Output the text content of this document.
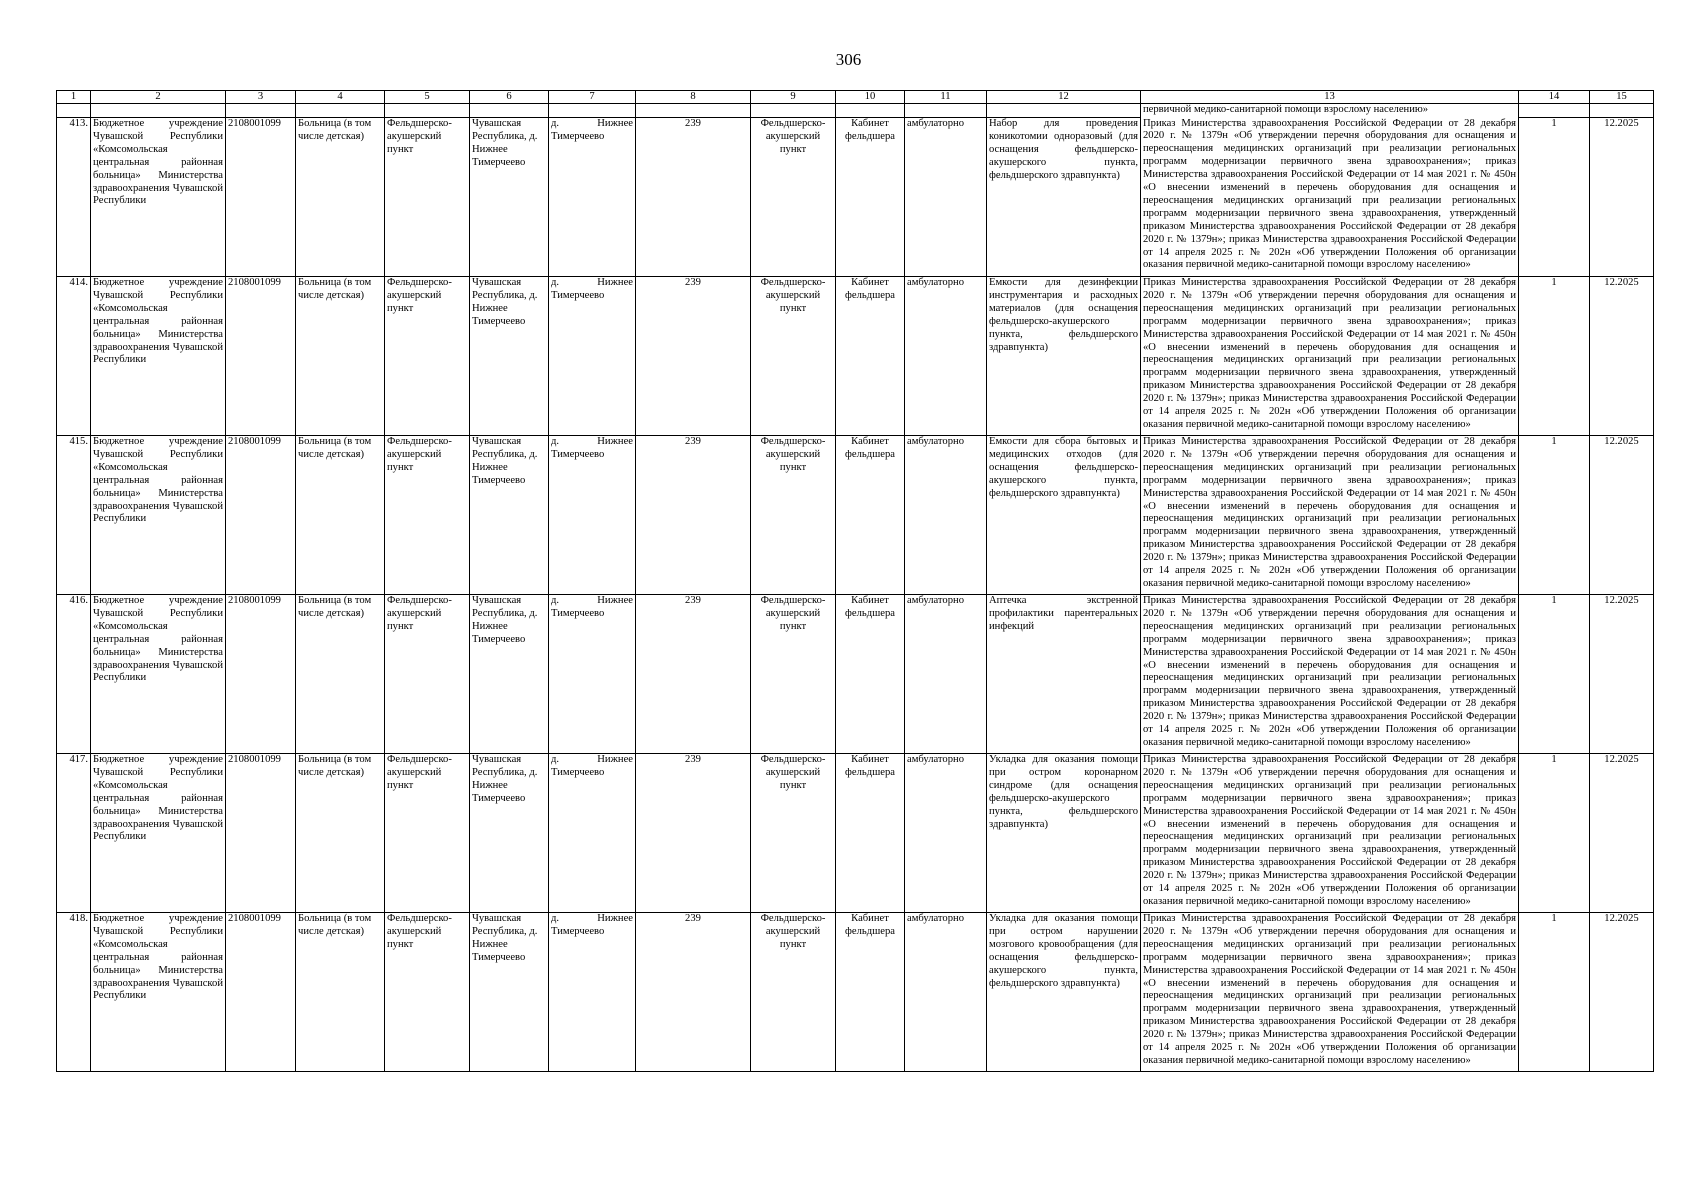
306
1	2	3	4	5	6	7	8	9	10	11	12	13	14	15
												первичной медико-санитарной помощи взрослому населению»		
413.	Бюджетное учреждение Чувашской Республики «Комсомольская центральная районная больница» Министерства здравоохранения Чувашской Республики	2108001099	Больница (в том числе детская)	Фельдшерско-акушерский пункт	Чувашская Республика, д. Нижнее Тимерчеево	д. Нижнее Тимерчеево	239	Фельдшерско-акушерский пункт	Кабинет фельдшера	амбулаторно	Набор для проведения коникотомии одноразовый (для оснащения фельдшерско-акушерского пункта, фельдшерского здравпункта)	Приказ Министерства здравоохранения Российской Федерации от 28 декабря 2020 г. № 1379н «Об утверждении перечня оборудования для оснащения и переоснащения медицинских организаций при реализации региональных программ модернизации первичного звена здравоохранения»; приказ Министерства здравоохранения Российской Федерации от 14 мая 2021 г. № 450н «О внесении изменений в перечень оборудования для оснащения и переоснащения медицинских организаций при реализации региональных программ модернизации первичного звена здравоохранения, утвержденный приказом Министерства здравоохранения Российской Федерации от 28 декабря 2020 г. № 1379н»; приказ Министерства здравоохранения Российской Федерации от 14 апреля 2025 г. № 202н «Об утверждении Положения об организации оказания первичной медико-санитарной помощи взрослому населению»	1	12.2025
414.	Бюджетное учреждение Чувашской Республики «Комсомольская центральная районная больница» Министерства здравоохранения Чувашской Республики	2108001099	Больница (в том числе детская)	Фельдшерско-акушерский пункт	Чувашская Республика, д. Нижнее Тимерчеево	д. Нижнее Тимерчеево	239	Фельдшерско-акушерский пункт	Кабинет фельдшера	амбулаторно	Емкости для дезинфекции инструментария и расходных материалов (для оснащения фельдшерско-акушерского пункта, фельдшерского здравпункта)	Приказ Министерства здравоохранения Российской Федерации от 28 декабря 2020 г. № 1379н «Об утверждении перечня оборудования для оснащения и переоснащения медицинских организаций при реализации региональных программ модернизации первичного звена здравоохранения»; приказ Министерства здравоохранения Российской Федерации от 14 мая 2021 г. № 450н «О внесении изменений в перечень оборудования для оснащения и переоснащения медицинских организаций при реализации региональных программ модернизации первичного звена здравоохранения, утвержденный приказом Министерства здравоохранения Российской Федерации от 28 декабря 2020 г. № 1379н»; приказ Министерства здравоохранения Российской Федерации от 14 апреля 2025 г. № 202н «Об утверждении Положения об организации оказания первичной медико-санитарной помощи взрослому населению»	1	12.2025
415.	Бюджетное учреждение Чувашской Республики «Комсомольская центральная районная больница» Министерства здравоохранения Чувашской Республики	2108001099	Больница (в том числе детская)	Фельдшерско-акушерский пункт	Чувашская Республика, д. Нижнее Тимерчеево	д. Нижнее Тимерчеево	239	Фельдшерско-акушерский пункт	Кабинет фельдшера	амбулаторно	Емкости для сбора бытовых и медицинских отходов (для оснащения фельдшерско-акушерского пункта, фельдшерского здравпункта)	Приказ Министерства здравоохранения Российской Федерации от 28 декабря 2020 г. № 1379н «Об утверждении перечня оборудования для оснащения и переоснащения медицинских организаций при реализации региональных программ модернизации первичного звена здравоохранения»; приказ Министерства здравоохранения Российской Федерации от 14 мая 2021 г. № 450н «О внесении изменений в перечень оборудования для оснащения и переоснащения медицинских организаций при реализации региональных программ модернизации первичного звена здравоохранения, утвержденный приказом Министерства здравоохранения Российской Федерации от 28 декабря 2020 г. № 1379н»; приказ Министерства здравоохранения Российской Федерации от 14 апреля 2025 г. № 202н «Об утверждении Положения об организации оказания первичной медико-санитарной помощи взрослому населению»	1	12.2025
416.	Бюджетное учреждение Чувашской Республики «Комсомольская центральная районная больница» Министерства здравоохранения Чувашской Республики	2108001099	Больница (в том числе детская)	Фельдшерско-акушерский пункт	Чувашская Республика, д. Нижнее Тимерчеево	д. Нижнее Тимерчеево	239	Фельдшерско-акушерский пункт	Кабинет фельдшера	амбулаторно	Аптечка экстренной профилактики парентеральных инфекций	Приказ Министерства здравоохранения Российской Федерации от 28 декабря 2020 г. № 1379н «Об утверждении перечня оборудования для оснащения и переоснащения медицинских организаций при реализации региональных программ модернизации первичного звена здравоохранения»; приказ Министерства здравоохранения Российской Федерации от 14 мая 2021 г. № 450н «О внесении изменений в перечень оборудования для оснащения и переоснащения медицинских организаций при реализации региональных программ модернизации первичного звена здравоохранения, утвержденный приказом Министерства здравоохранения Российской Федерации от 28 декабря 2020 г. № 1379н»; приказ Министерства здравоохранения Российской Федерации от 14 апреля 2025 г. № 202н «Об утверждении Положения об организации оказания первичной медико-санитарной помощи взрослому населению»	1	12.2025
417.	Бюджетное учреждение Чувашской Республики «Комсомольская центральная районная больница» Министерства здравоохранения Чувашской Республики	2108001099	Больница (в том числе детская)	Фельдшерско-акушерский пункт	Чувашская Республика, д. Нижнее Тимерчеево	д. Нижнее Тимерчеево	239	Фельдшерско-акушерский пункт	Кабинет фельдшера	амбулаторно	Укладка для оказания помощи при остром коронарном синдроме (для оснащения фельдшерско-акушерского пункта, фельдшерского здравпункта)	Приказ Министерства здравоохранения Российской Федерации от 28 декабря 2020 г. № 1379н «Об утверждении перечня оборудования для оснащения и переоснащения медицинских организаций при реализации региональных программ модернизации первичного звена здравоохранения»; приказ Министерства здравоохранения Российской Федерации от 14 мая 2021 г. № 450н «О внесении изменений в перечень оборудования для оснащения и переоснащения медицинских организаций при реализации региональных программ модернизации первичного звена здравоохранения, утвержденный приказом Министерства здравоохранения Российской Федерации от 28 декабря 2020 г. № 1379н»; приказ Министерства здравоохранения Российской Федерации от 14 апреля 2025 г. № 202н «Об утверждении Положения об организации оказания первичной медико-санитарной помощи взрослому населению»	1	12.2025
418.	Бюджетное учреждение Чувашской Республики «Комсомольская центральная районная больница» Министерства здравоохранения Чувашской Республики	2108001099	Больница (в том числе детская)	Фельдшерско-акушерский пункт	Чувашская Республика, д. Нижнее Тимерчеево	д. Нижнее Тимерчеево	239	Фельдшерско-акушерский пункт	Кабинет фельдшера	амбулаторно	Укладка для оказания помощи при остром нарушении мозгового кровообращения (для оснащения фельдшерско-акушерского пункта, фельдшерского здравпункта)	Приказ Министерства здравоохранения Российской Федерации от 28 декабря 2020 г. № 1379н «Об утверждении перечня оборудования для оснащения и переоснащения медицинских организаций при реализации региональных программ модернизации первичного звена здравоохранения»; приказ Министерства здравоохранения Российской Федерации от 14 мая 2021 г. № 450н «О внесении изменений в перечень оборудования для оснащения и переоснащения медицинских организаций при реализации региональных программ модернизации первичного звена здравоохранения, утвержденный приказом Министерства здравоохранения Российской Федерации от 28 декабря 2020 г. № 1379н»; приказ Министерства здравоохранения Российской Федерации от 14 апреля 2025 г. № 202н «Об утверждении Положения об организации оказания первичной медико-санитарной помощи взрослому населению»	1	12.2025
